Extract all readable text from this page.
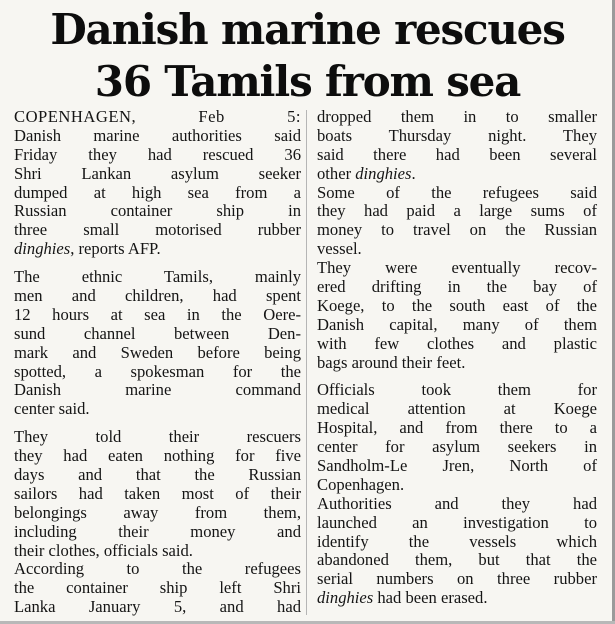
Danish marine rescues
36 Tamils from sea
COPENHAGEN, Feb 5:
Danish marine authorities said
Friday they had rescued 36
Shri Lankan asylum seeker
dumped at high sea from a
Russian container ship in
three small motorised rubber
dinghies, reports AFP.
The ethnic Tamils, mainly
men and children, had spent
12 hours at sea in the Oere-
sund channel between Den-
mark and Sweden before being
spotted, a spokesman for the
Danish marine command
center said.
They told their rescuers
they had eaten nothing for five
days and that the Russian
sailors had taken most of their
belongings away from them,
including their money and
their clothes, officials said.
According to the refugees
the container ship left Shri
Lanka January 5, and had
dropped them in to smaller
boats Thursday night. They
said there had been several
other dinghies.
Some of the refugees said
they had paid a large sums of
money to travel on the Russian
vessel.
They were eventually recov-
ered drifting in the bay of
Koege, to the south east of the
Danish capital, many of them
with few clothes and plastic
bags around their feet.
Officials took them for
medical attention at Koege
Hospital, and from there to a
center for asylum seekers in
Sandholm-Le Jren, North of
Copenhagen.
Authorities and they had
launched an investigation to
identify the vessels which
abandoned them, but that the
serial numbers on three rubber
dinghies had been erased.
